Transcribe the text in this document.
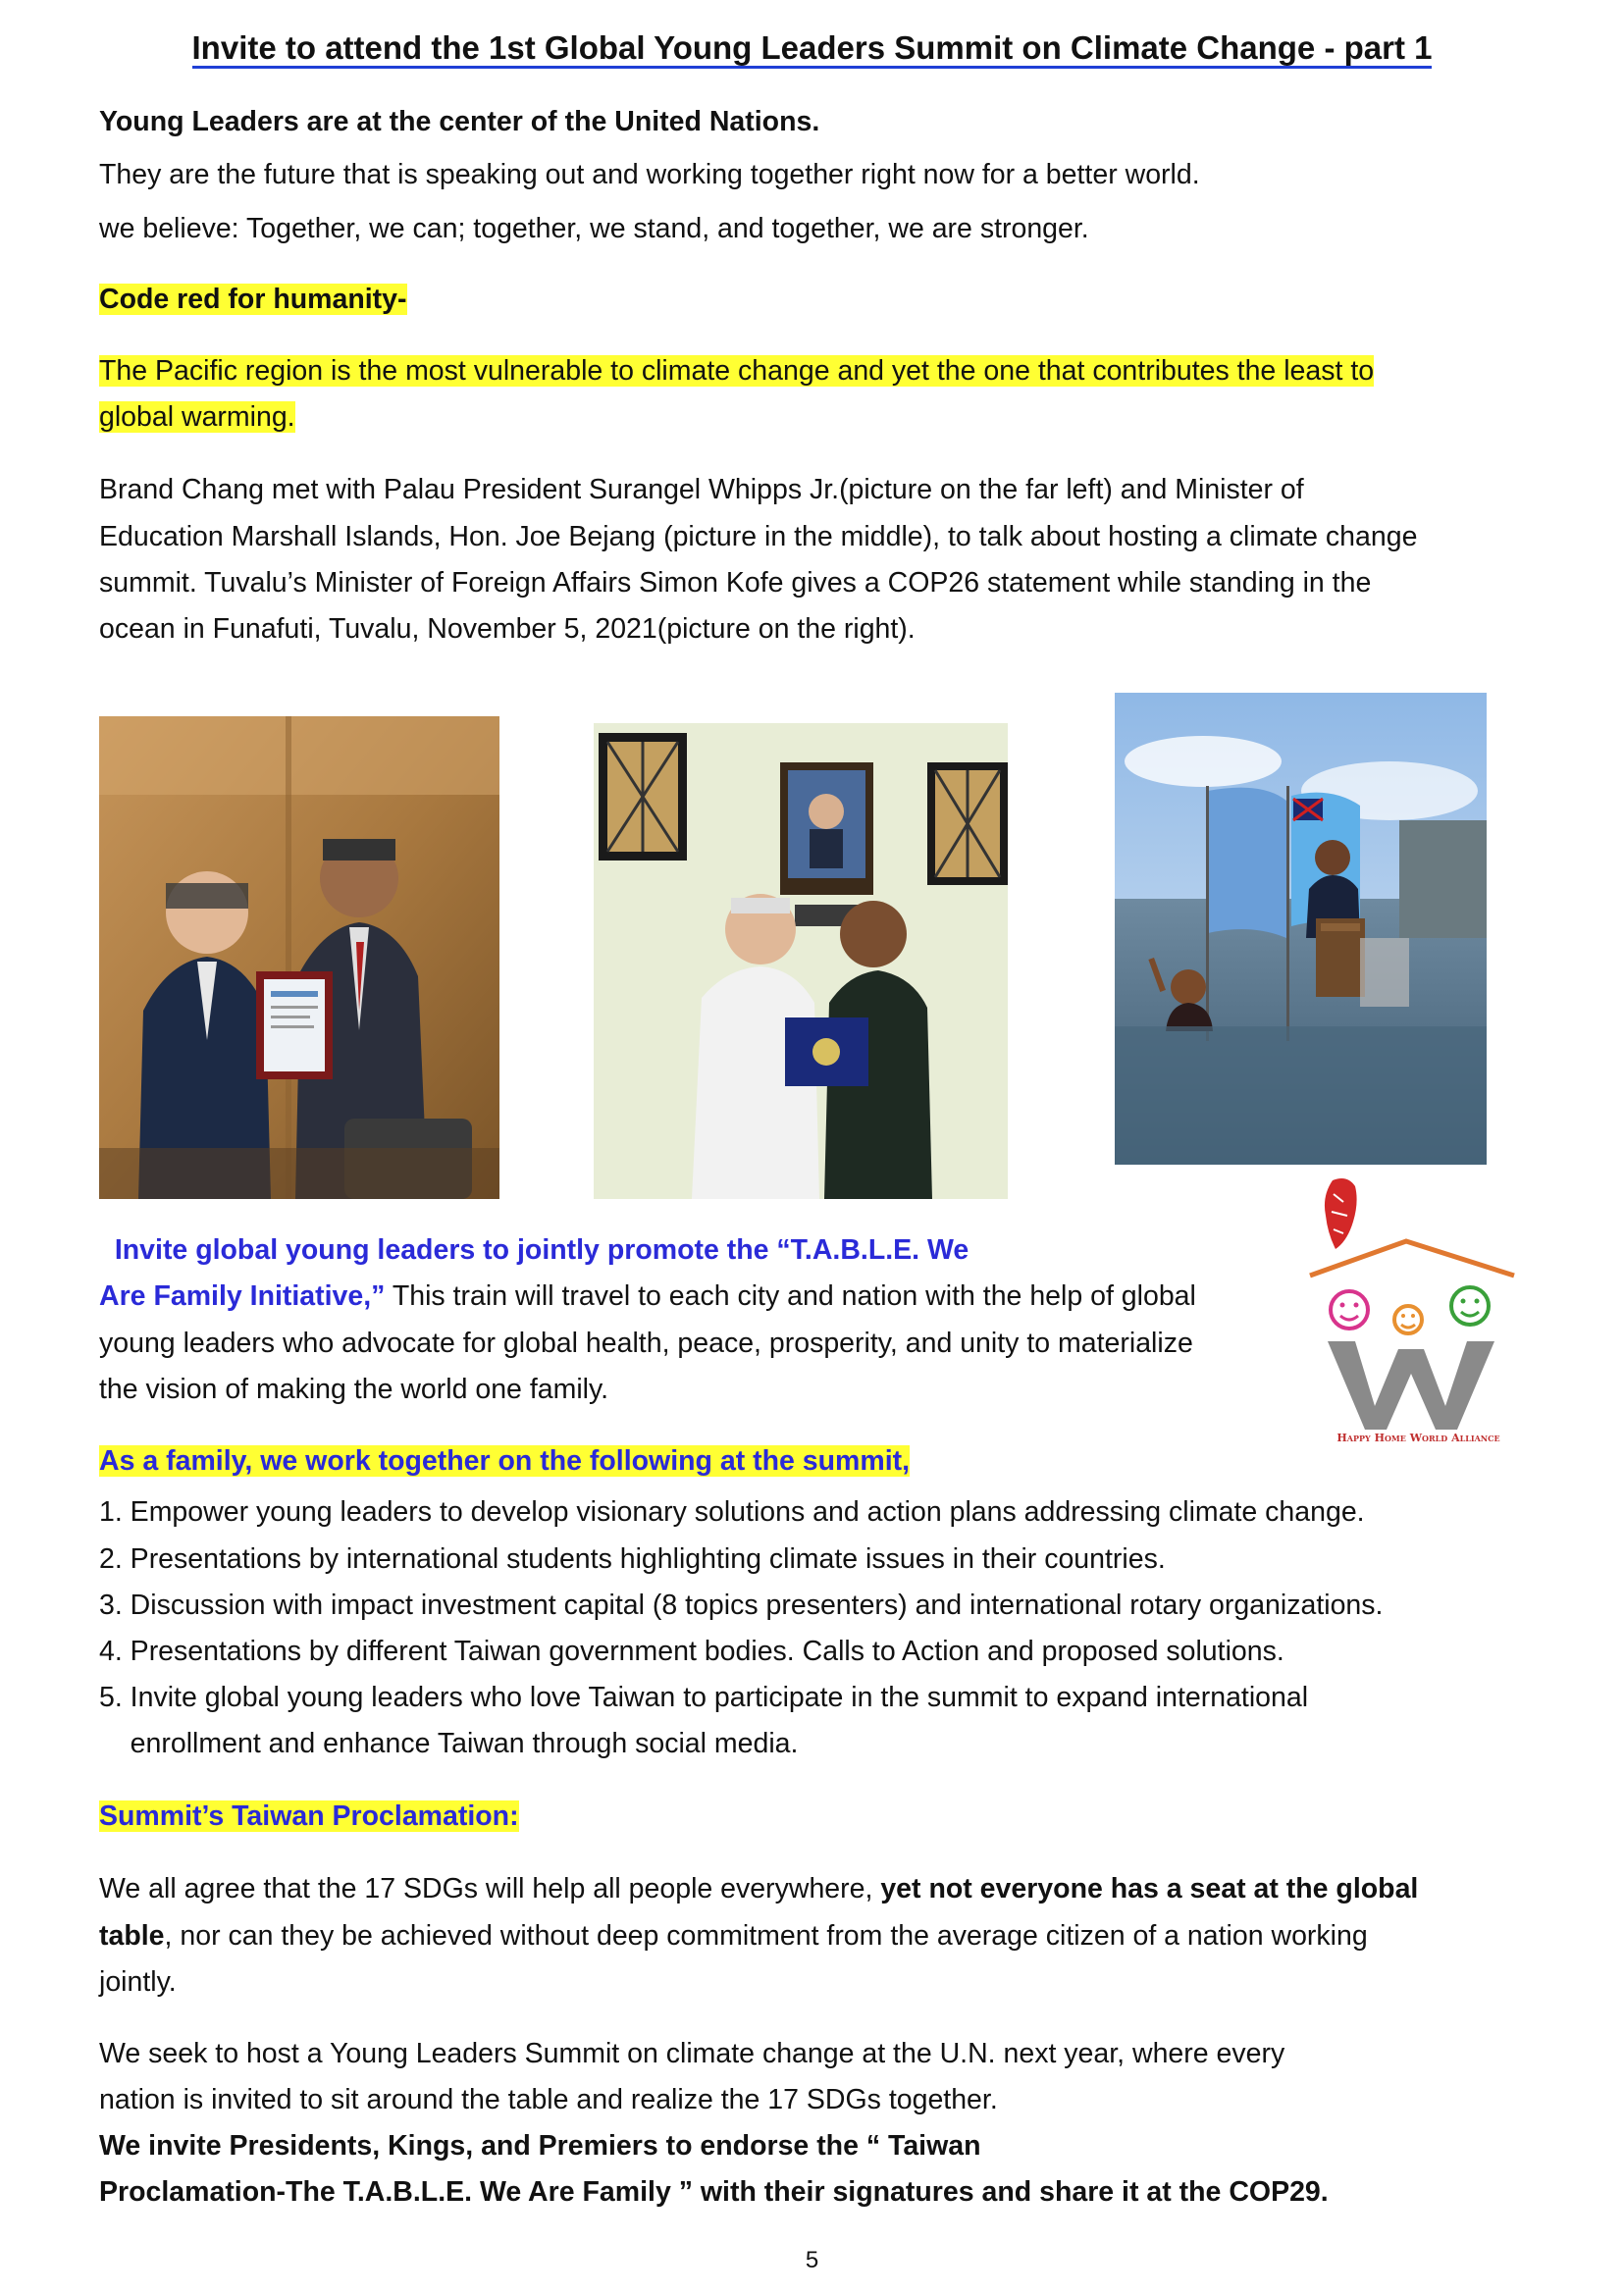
Invite to attend the 1st Global Young Leaders Summit on Climate Change - part 1
Young Leaders are at the center of the United Nations.
They are the future that is speaking out and working together right now for a better world.
we believe: Together, we can; together, we stand, and together, we are stronger.
Code red for humanity-
The Pacific region is the most vulnerable to climate change and yet the one that contributes the least to
global warming.
Brand Chang met with Palau President Surangel Whipps Jr.(picture on the far left) and Minister of
Education Marshall Islands, Hon. Joe Bejang (picture in the middle), to talk about hosting a climate change
summit. Tuvalu’s Minister of Foreign Affairs Simon Kofe gives a COP26 statement while standing in the
ocean in Funafuti, Tuvalu, November 5, 2021(picture on the right).
Invite global young leaders to jointly promote the “T.A.B.L.E. We
Are Family Initiative,” This train will travel to each city and nation with the help of global
young leaders who advocate for global health, peace, prosperity, and unity to materialize
the vision of making the world one family.
Happy Home World Alliance
As a family, we work together on the following at the summit,
1. Empower young leaders to develop visionary solutions and action plans addressing climate change.
2. Presentations by international students highlighting climate issues in their countries.
3. Discussion with impact investment capital (8 topics presenters) and international rotary organizations.
4. Presentations by different Taiwan government bodies. Calls to Action and proposed solutions.
5. Invite global young leaders who love Taiwan to participate in the summit to expand international
enrollment and enhance Taiwan through social media.
Summit’s Taiwan Proclamation:
We all agree that the 17 SDGs will help all people everywhere, yet not everyone has a seat at the global
table, nor can they be achieved without deep commitment from the average citizen of a nation working
jointly.
We seek to host a Young Leaders Summit on climate change at the U.N. next year, where every
nation is invited to sit around the table and realize the 17 SDGs together.
We invite Presidents, Kings, and Premiers to endorse the “ Taiwan
Proclamation-The T.A.B.L.E. We Are Family ” with their signatures and share it at the COP29.
5
